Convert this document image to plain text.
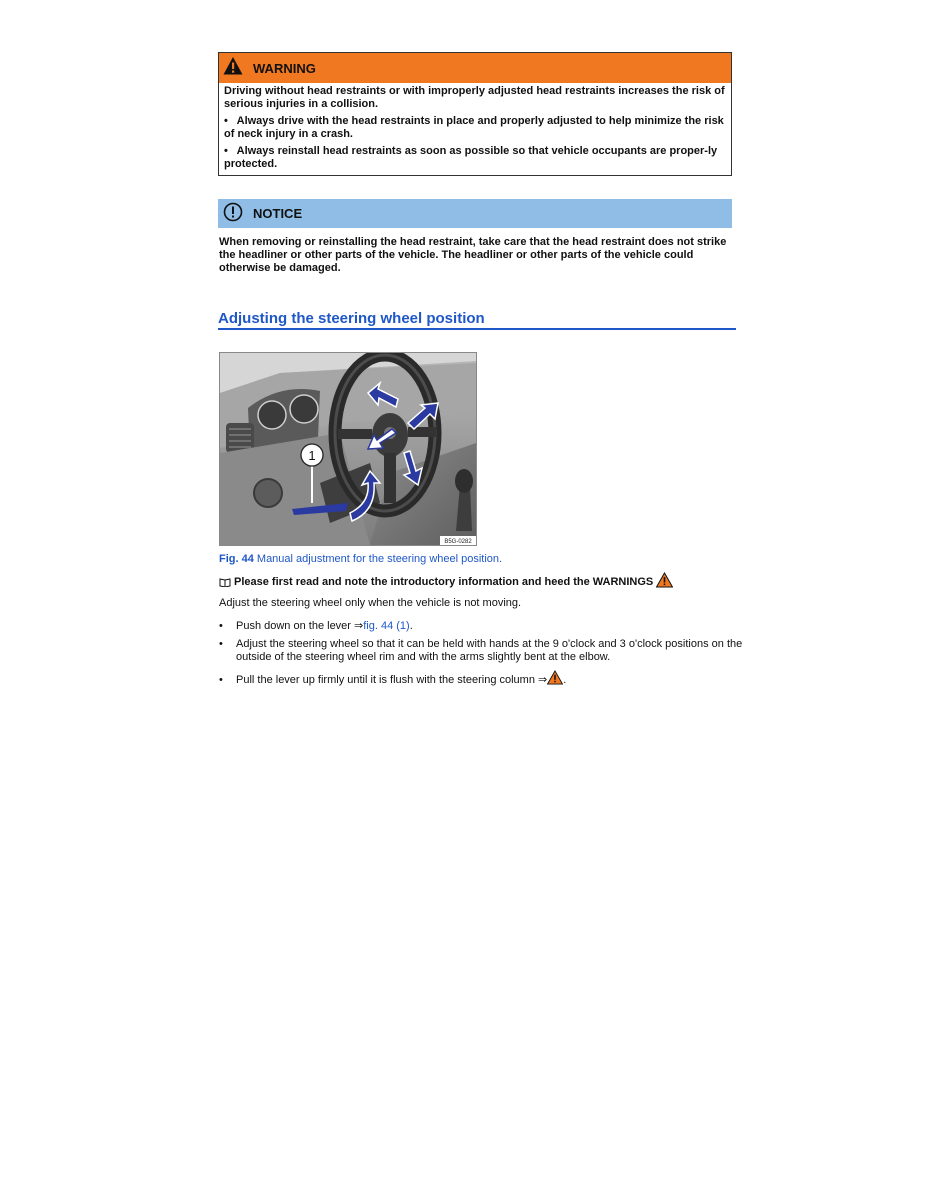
WARNING

Driving without head restraints or with improperly adjusted head restraints increases the risk of serious injuries in a collision.

• Always drive with the head restraints in place and properly adjusted to help minimize the risk of neck injury in a crash.

• Always reinstall head restraints as soon as possible so that vehicle occupants are proper-ly protected.

NOTICE
When removing or reinstalling the head restraint, take care that the head restraint does not strike the headliner or other parts of the vehicle. The headliner or other parts of the vehicle could otherwise be damaged.
Adjusting the steering wheel position
1
B5G-0282
Fig. 44 Manual adjustment for the steering wheel position.
Please first read and note the introductory information and heed the WARNINGS
Adjust the steering wheel only when the vehicle is not moving.
• Push down on the lever ⇒fig. 44 (1).
• Adjust the steering wheel so that it can be held with hands at the 9 o'clock and 3 o'clock positions on the outside of the steering wheel rim and with the arms slightly bent at the elbow.
• Pull the lever up firmly until it is flush with the steering column ⇒ .
